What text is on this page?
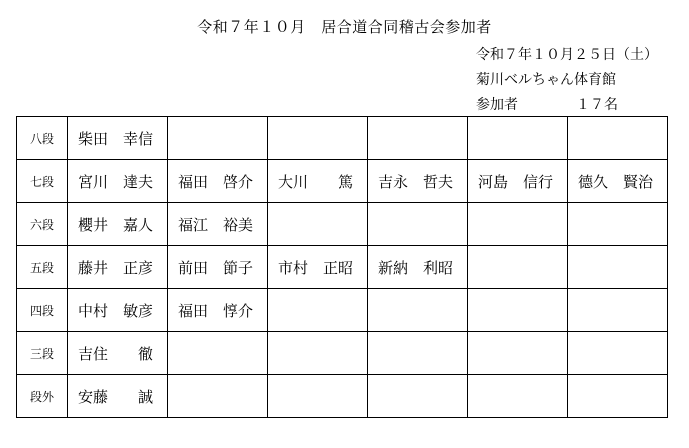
令和７年１０月　居合道合同稽古会参加者
令和７年１０月２５日（土）
菊川ベルちゃん体育館
参加者	１７名
八段	柴田　幸信					
七段	宮川　達夫	福田　啓介	大川　　篤	吉永　哲夫	河島　信行	德久　賢治
六段	櫻井　嘉人	福江　裕美				
五段	藤井　正彦	前田　節子	市村　正昭	新納　利昭		
四段	中村　敏彦	福田　惇介				
三段	吉住　　徹					
段外	安藤　　誠					
